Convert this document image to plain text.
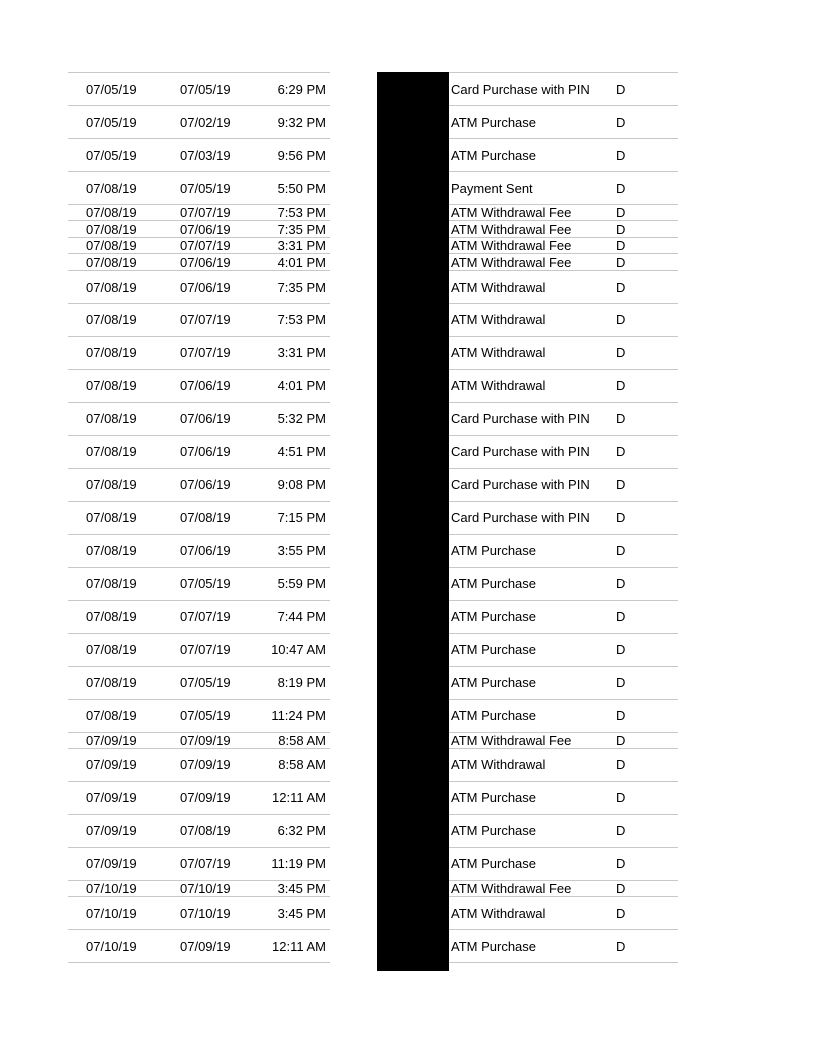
07/05/19	07/05/19	6:29 PM	Card Purchase with PIN D
07/05/19	07/02/19	9:32 PM	ATM Purchase	D
07/05/19	07/03/19	9:56 PM	ATM Purchase	D
07/08/19	07/05/19	5:50 PM	Payment Sent	D
07/08/19	07/07/19	7:53 PM	ATM Withdrawal Fee	D
07/08/19	07/06/19	7:35 PM	ATM Withdrawal Fee	D
07/08/19	07/07/19	3:31 PM	ATM Withdrawal Fee	D
07/08/19	07/06/19	4:01 PM	ATM Withdrawal Fee	D
07/08/19	07/06/19	7:35 PM	ATM Withdrawal	D
07/08/19	07/07/19	7:53 PM	ATM Withdrawal	D
07/08/19	07/07/19	3:31 PM	ATM Withdrawal	D
07/08/19	07/06/19	4:01 PM	ATM Withdrawal	D
07/08/19	07/06/19	5:32 PM	Card Purchase with PIN D
07/08/19	07/06/19	4:51 PM	Card Purchase with PIN D
07/08/19	07/06/19	9:08 PM	Card Purchase with PIN D
07/08/19	07/08/19	7:15 PM	Card Purchase with PIN D
07/08/19	07/06/19	3:55 PM	ATM Purchase	D
07/08/19	07/05/19	5:59 PM	ATM Purchase	D
07/08/19	07/07/19	7:44 PM	ATM Purchase	D
07/08/19	07/07/19	10:47 AM	ATM Purchase	D
07/08/19	07/05/19	8:19 PM	ATM Purchase	D
07/08/19	07/05/19	11:24 PM	ATM Purchase	D
07/09/19	07/09/19	8:58 AM	ATM Withdrawal Fee	D
07/09/19	07/09/19	8:58 AM	ATM Withdrawal	D
07/09/19	07/09/19	12:11 AM	ATM Purchase	D
07/09/19	07/08/19	6:32 PM	ATM Purchase	D
07/09/19	07/07/19	11:19 PM	ATM Purchase	D
07/10/19	07/10/19	3:45 PM	ATM Withdrawal Fee	D
07/10/19	07/10/19	3:45 PM	ATM Withdrawal	D
07/10/19	07/09/19	12:11 AM	ATM Purchase	D
